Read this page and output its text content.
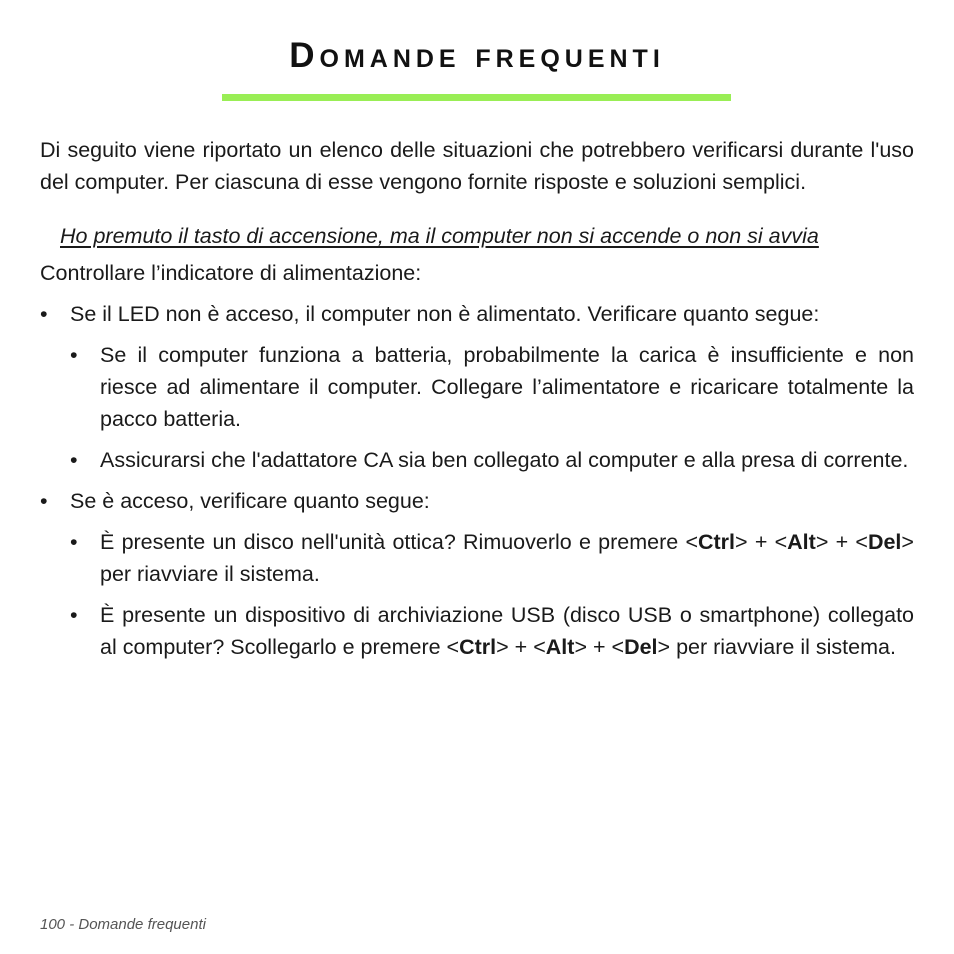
Domande frequenti

Di seguito viene riportato un elenco delle situazioni che potrebbero verificarsi durante l'uso del computer. Per ciascuna di esse vengono fornite risposte e soluzioni semplici.

Ho premuto il tasto di accensione, ma il computer non si accende o non si avvia

Controllare l’indicatore di alimentazione:

•	Se il LED non è acceso, il computer non è alimentato. Verificare quanto segue:
•	Se il computer funziona a batteria, probabilmente la carica è insufficiente e non riesce ad alimentare il computer. Collegare l’alimentatore e ricaricare totalmente la pacco batteria.
•	Assicurarsi che l'adattatore CA sia ben collegato al computer e alla presa di corrente.
•	Se è acceso, verificare quanto segue:
•	È presente un disco nell'unità ottica? Rimuoverlo e premere <Ctrl> + <Alt> + <Del> per riavviare il sistema.
•	È presente un dispositivo di archiviazione USB (disco USB o smartphone) collegato al computer? Scollegarlo e premere <Ctrl> + <Alt> + <Del> per riavviare il sistema.
100 - Domande frequenti
